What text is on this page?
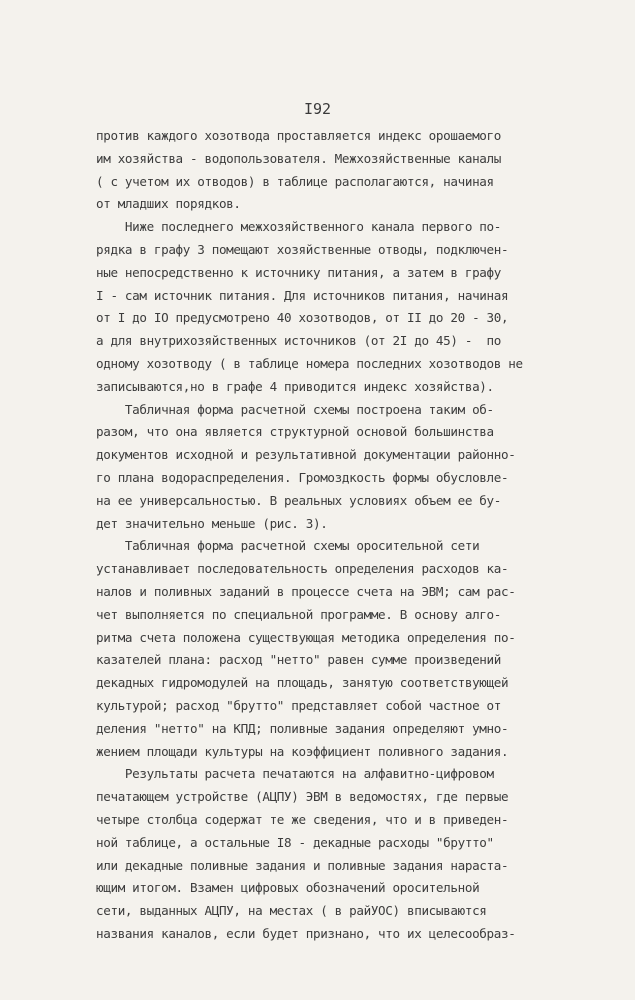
I92
против каждого хозотвода проставляется индекс орошаемого
им хозяйства - водопользователя. Межхозяйственные каналы
( с учетом их отводов) в таблице располагаются, начиная
от младших порядков.
Ниже последнего межхозяйственного канала первого по-
рядка в графу 3 помещают хозяйственные отводы, подключен-
ные непосредственно к источнику питания, а затем в графу
I - сам источник питания. Для источников питания, начиная
от I до IO предусмотрено 40 хозотводов, от II до 20 - 30,
а для внутрихозяйственных источников (от 2I до 45) -  по
одному хозотводу ( в таблице номера последних хозотводов не
записываются,но в графе 4 приводится индекс хозяйства).
Табличная форма расчетной схемы построена таким об-
разом, что она является структурной основой большинства
документов исходной и результативной документации районно-
го плана водораспределения. Громоздкость формы обусловле-
на ее универсальностью. В реальных условиях объем ее бу-
дет значительно меньше (рис. 3).
Табличная форма расчетной схемы оросительной сети
устанавливает последовательность определения расходов ка-
налов и поливных заданий в процессе счета на ЭВМ; сам рас-
чет выполняется по специальной программе. В основу алго-
ритма счета положена существующая методика определения по-
казателей плана: расход "нетто" равен сумме произведений
декадных гидромодулей на площадь, занятую соответствующей
культурой; расход "брутто" представляет собой частное от
деления "нетто" на КПД; поливные задания определяют умно-
жением площади культуры на коэффициент поливного задания.
Результаты расчета печатаются на алфавитно-цифровом
печатающем устройстве (АЦПУ) ЭВМ в ведомостях, где первые
четыре столбца содержат те же сведения, что и в приведен-
ной таблице, а остальные I8 - декадные расходы "брутто"
или декадные поливные задания и поливные задания нараста-
ющим итогом. Взамен цифровых обозначений оросительной
сети, выданных АЦПУ, на местах ( в райУОС) вписываются
названия каналов, если будет признано, что их целесообраз-
